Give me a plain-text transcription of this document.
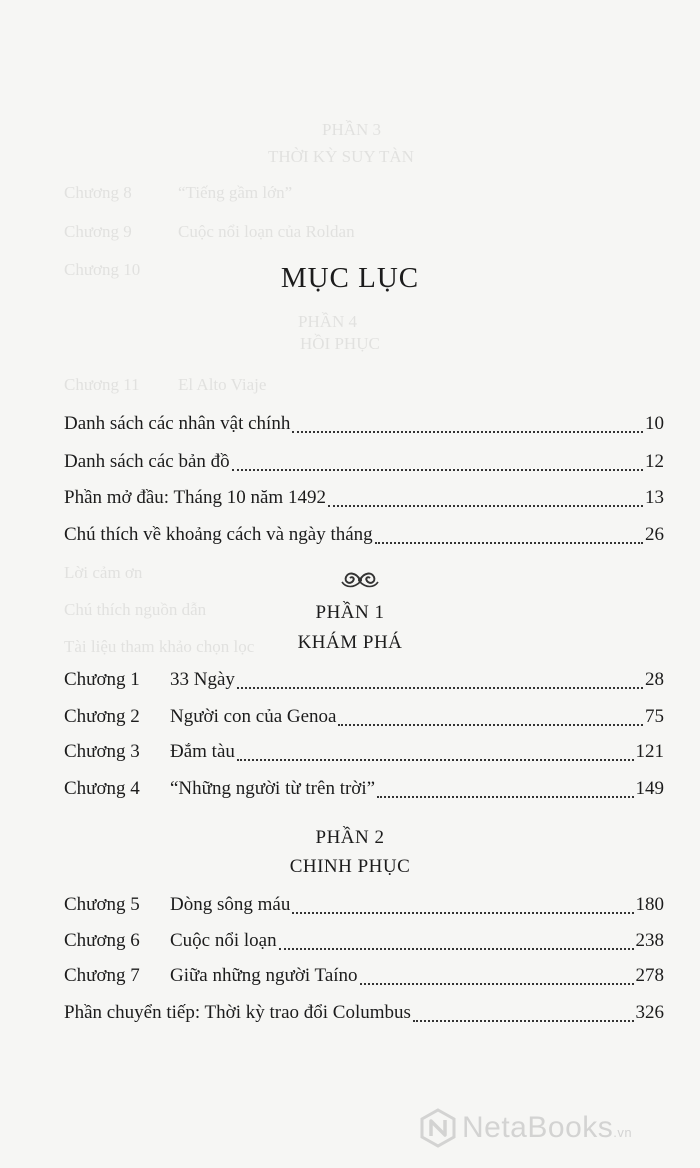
PHẦN 3
THỜI KỲ SUY TÀN
Chương 8	“Tiếng gầm lớn”
Chương 9	Cuộc nổi loạn của Roldan
Chương 10
PHẦN 4
HỒI PHỤC
Chương 11 El Alto Viaje
Lời cảm ơn
Chú thích nguồn dẫn
Tài liệu tham khảo chọn lọc
MỤC LỤC
Danh sách các nhân vật chính	10
Danh sách các bản đồ	12
Phần mở đầu: Tháng 10 năm 1492	13
Chú thích về khoảng cách và ngày tháng	26
PHẦN 1
KHÁM PHÁ
Chương 1	33 Ngày	28
Chương 2	Người con của Genoa	75
Chương 3	Đắm tàu	121
Chương 4	“Những người từ trên trời”	149
PHẦN 2
CHINH PHỤC
Chương 5	Dòng sông máu	180
Chương 6	Cuộc nổi loạn	238
Chương 7	Giữa những người Taíno	278
Phần chuyển tiếp: Thời kỳ trao đổi Columbus	326
NetaBooks.vn
